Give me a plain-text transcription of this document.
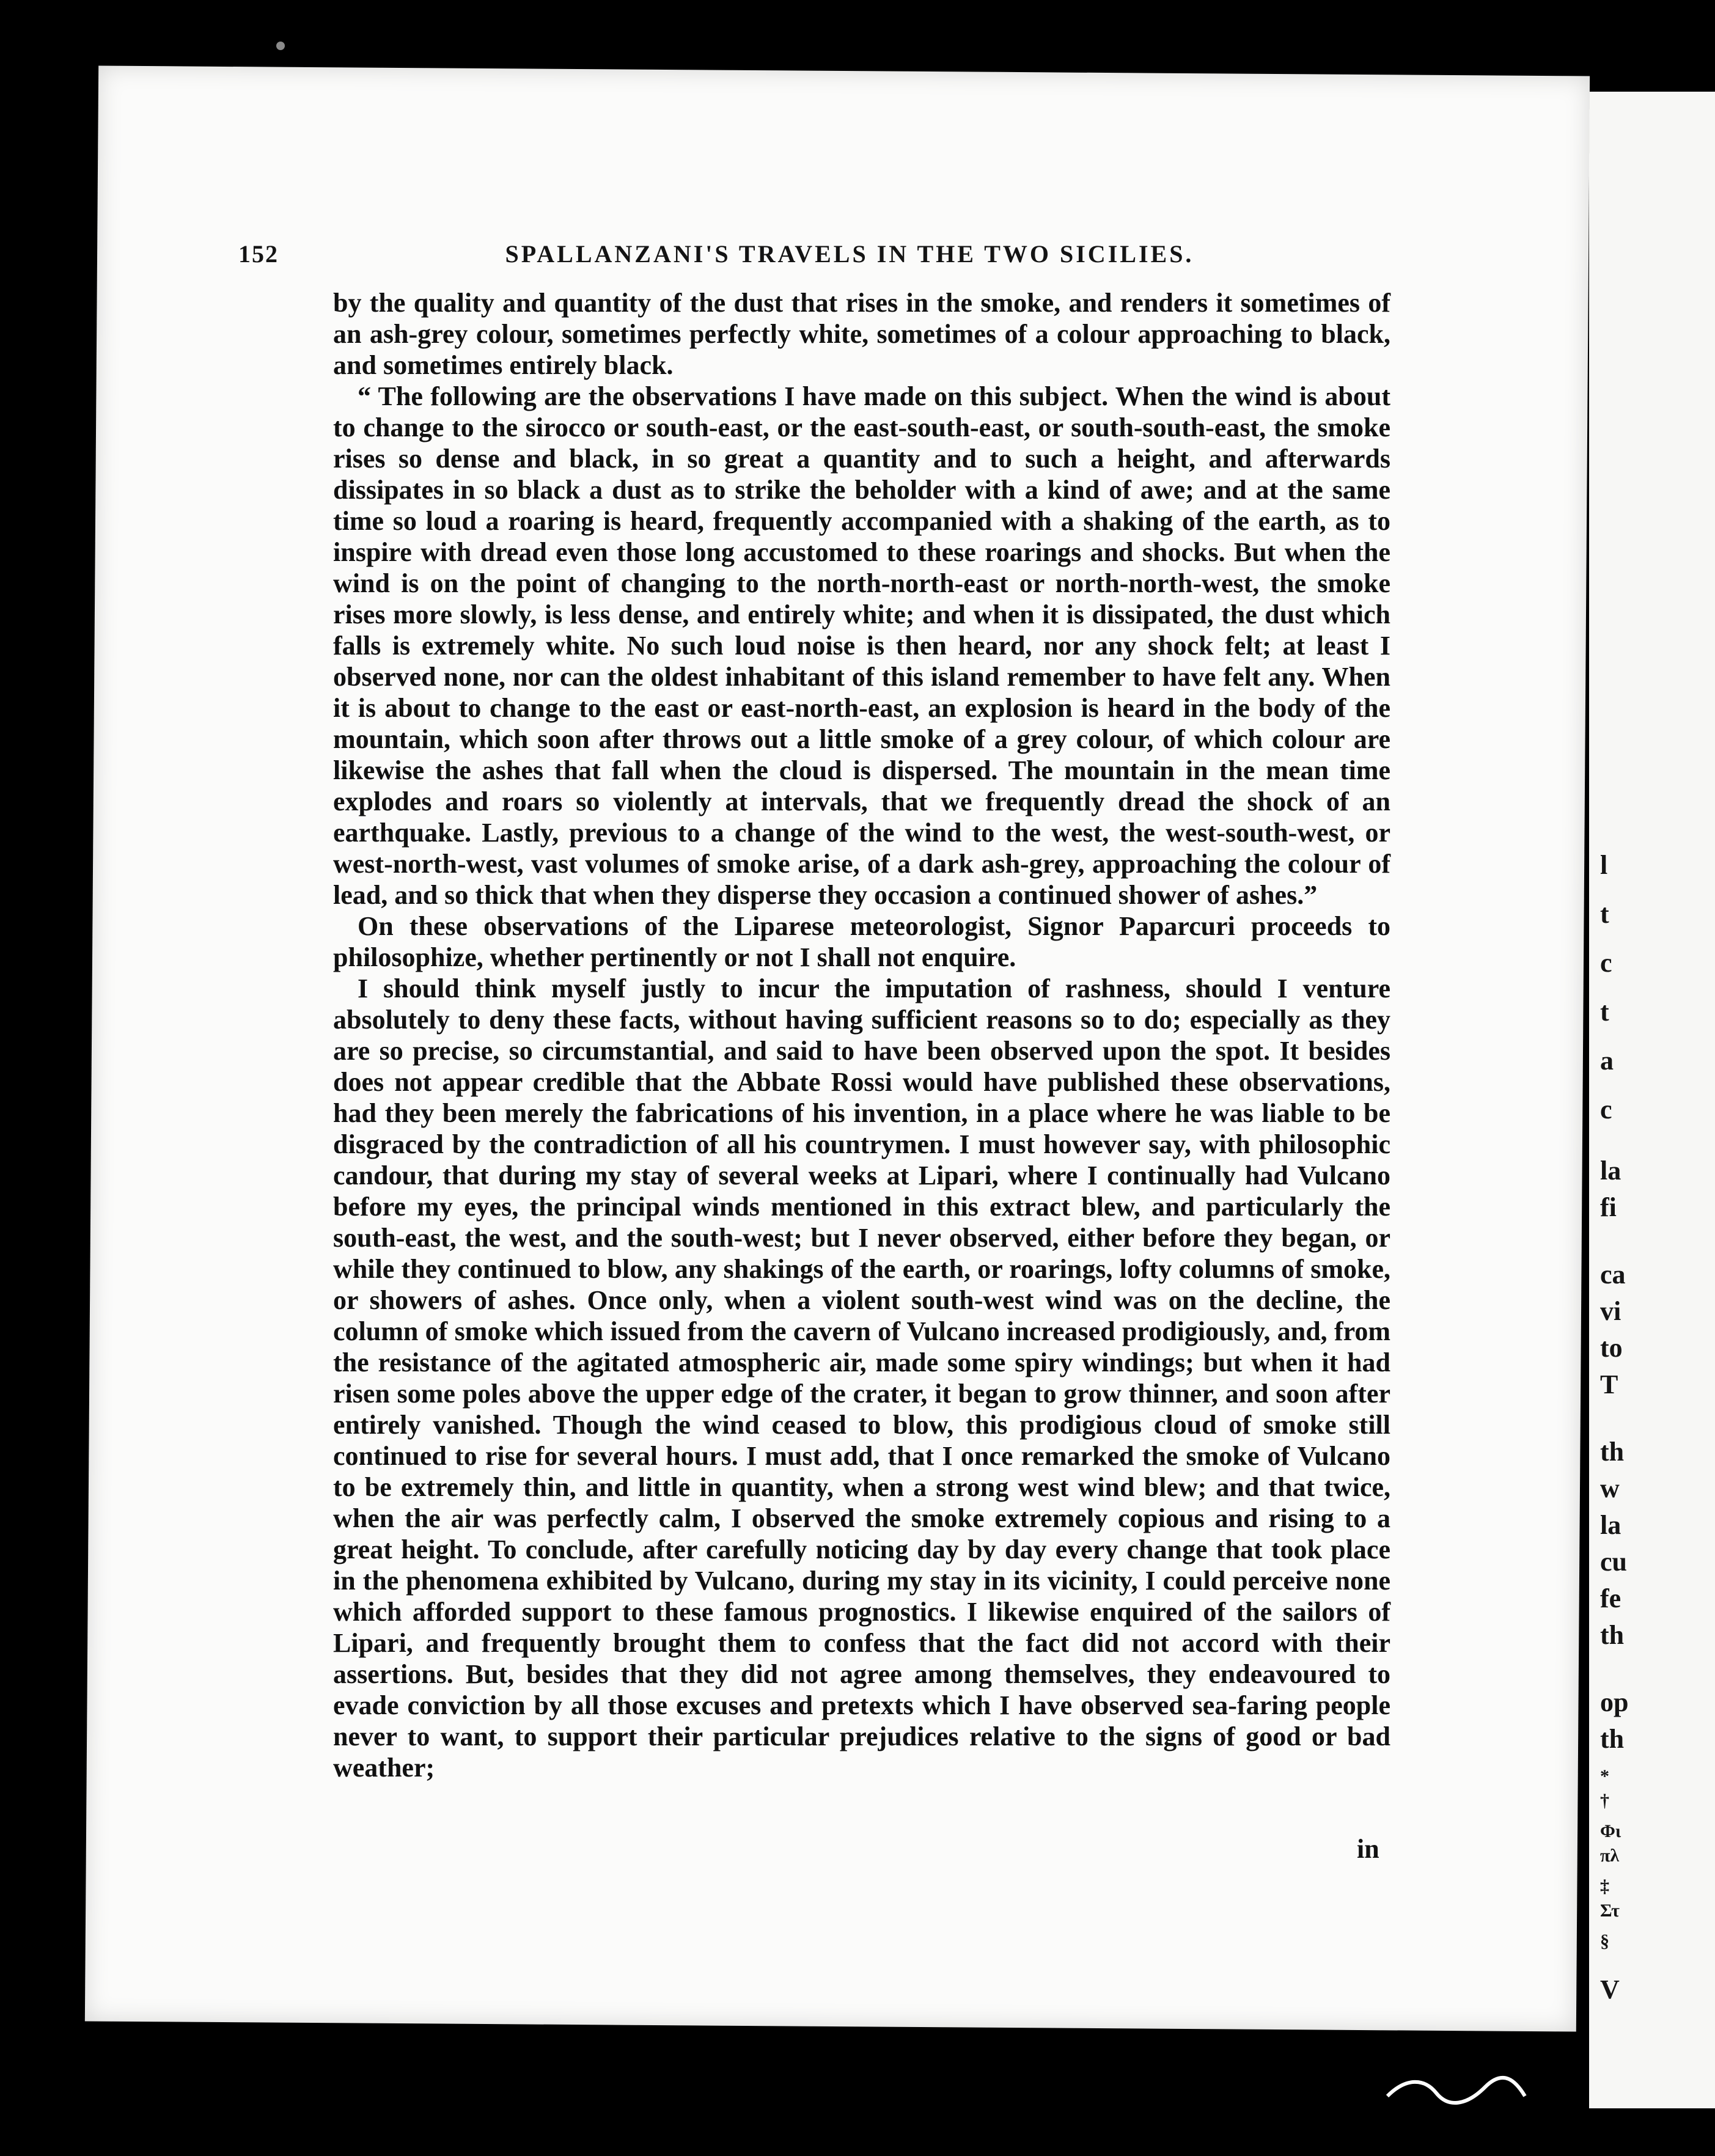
l
t
c
t
a
c
la
fi
ca
vi
to
T
th
w
la
cu
fe
th
op
th
*
†
Φι
πλ
‡
Στ
§
V
152	SPALLANZANI'S TRAVELS IN THE TWO SICILIES.

by the quality and quantity of the dust that rises in the smoke, and renders it sometimes of an ash-grey colour, sometimes perfectly white, sometimes of a colour approaching to black, and sometimes entirely black.

“ The following are the observations I have made on this subject. When the wind is about to change to the sirocco or south-east, or the east-south-east, or south-south-east, the smoke rises so dense and black, in so great a quantity and to such a height, and afterwards dissipates in so black a dust as to strike the beholder with a kind of awe; and at the same time so loud a roaring is heard, frequently accompanied with a shaking of the earth, as to inspire with dread even those long accustomed to these roarings and shocks. But when the wind is on the point of changing to the north-north-east or north-north-west, the smoke rises more slowly, is less dense, and entirely white; and when it is dissipated, the dust which falls is extremely white. No such loud noise is then heard, nor any shock felt; at least I observed none, nor can the oldest inhabitant of this island remember to have felt any. When it is about to change to the east or east-north-east, an explosion is heard in the body of the mountain, which soon after throws out a little smoke of a grey colour, of which colour are likewise the ashes that fall when the cloud is dispersed. The mountain in the mean time explodes and roars so violently at intervals, that we frequently dread the shock of an earthquake. Lastly, previous to a change of the wind to the west, the west-south-west, or west-north-west, vast volumes of smoke arise, of a dark ash-grey, approaching the colour of lead, and so thick that when they disperse they occasion a continued shower of ashes.”

On these observations of the Liparese meteorologist, Signor Paparcuri proceeds to philosophize, whether pertinently or not I shall not enquire.

I should think myself justly to incur the imputation of rashness, should I venture absolutely to deny these facts, without having sufficient reasons so to do; especially as they are so precise, so circumstantial, and said to have been observed upon the spot. It besides does not appear credible that the Abbate Rossi would have published these observations, had they been merely the fabrications of his invention, in a place where he was liable to be disgraced by the contradiction of all his countrymen. I must however say, with philosophic candour, that during my stay of several weeks at Lipari, where I continually had Vulcano before my eyes, the principal winds mentioned in this extract blew, and particularly the south-east, the west, and the south-west; but I never observed, either before they began, or while they continued to blow, any shakings of the earth, or roarings, lofty columns of smoke, or showers of ashes. Once only, when a violent south-west wind was on the decline, the column of smoke which issued from the cavern of Vulcano increased prodigiously, and, from the resistance of the agitated atmospheric air, made some spiry windings; but when it had risen some poles above the upper edge of the crater, it began to grow thinner, and soon after entirely vanished. Though the wind ceased to blow, this prodigious cloud of smoke still continued to rise for several hours. I must add, that I once remarked the smoke of Vulcano to be extremely thin, and little in quantity, when a strong west wind blew; and that twice, when the air was perfectly calm, I observed the smoke extremely copious and rising to a great height. To conclude, after carefully noticing day by day every change that took place in the phenomena exhibited by Vulcano, during my stay in its vicinity, I could perceive none which afforded support to these famous prognostics. I likewise enquired of the sailors of Lipari, and frequently brought them to confess that the fact did not accord with their assertions. But, besides that they did not agree among themselves, they endeavoured to evade conviction by all those excuses and pretexts which I have observed sea-faring people never to want, to support their particular prejudices relative to the signs of good or bad weather;

in
